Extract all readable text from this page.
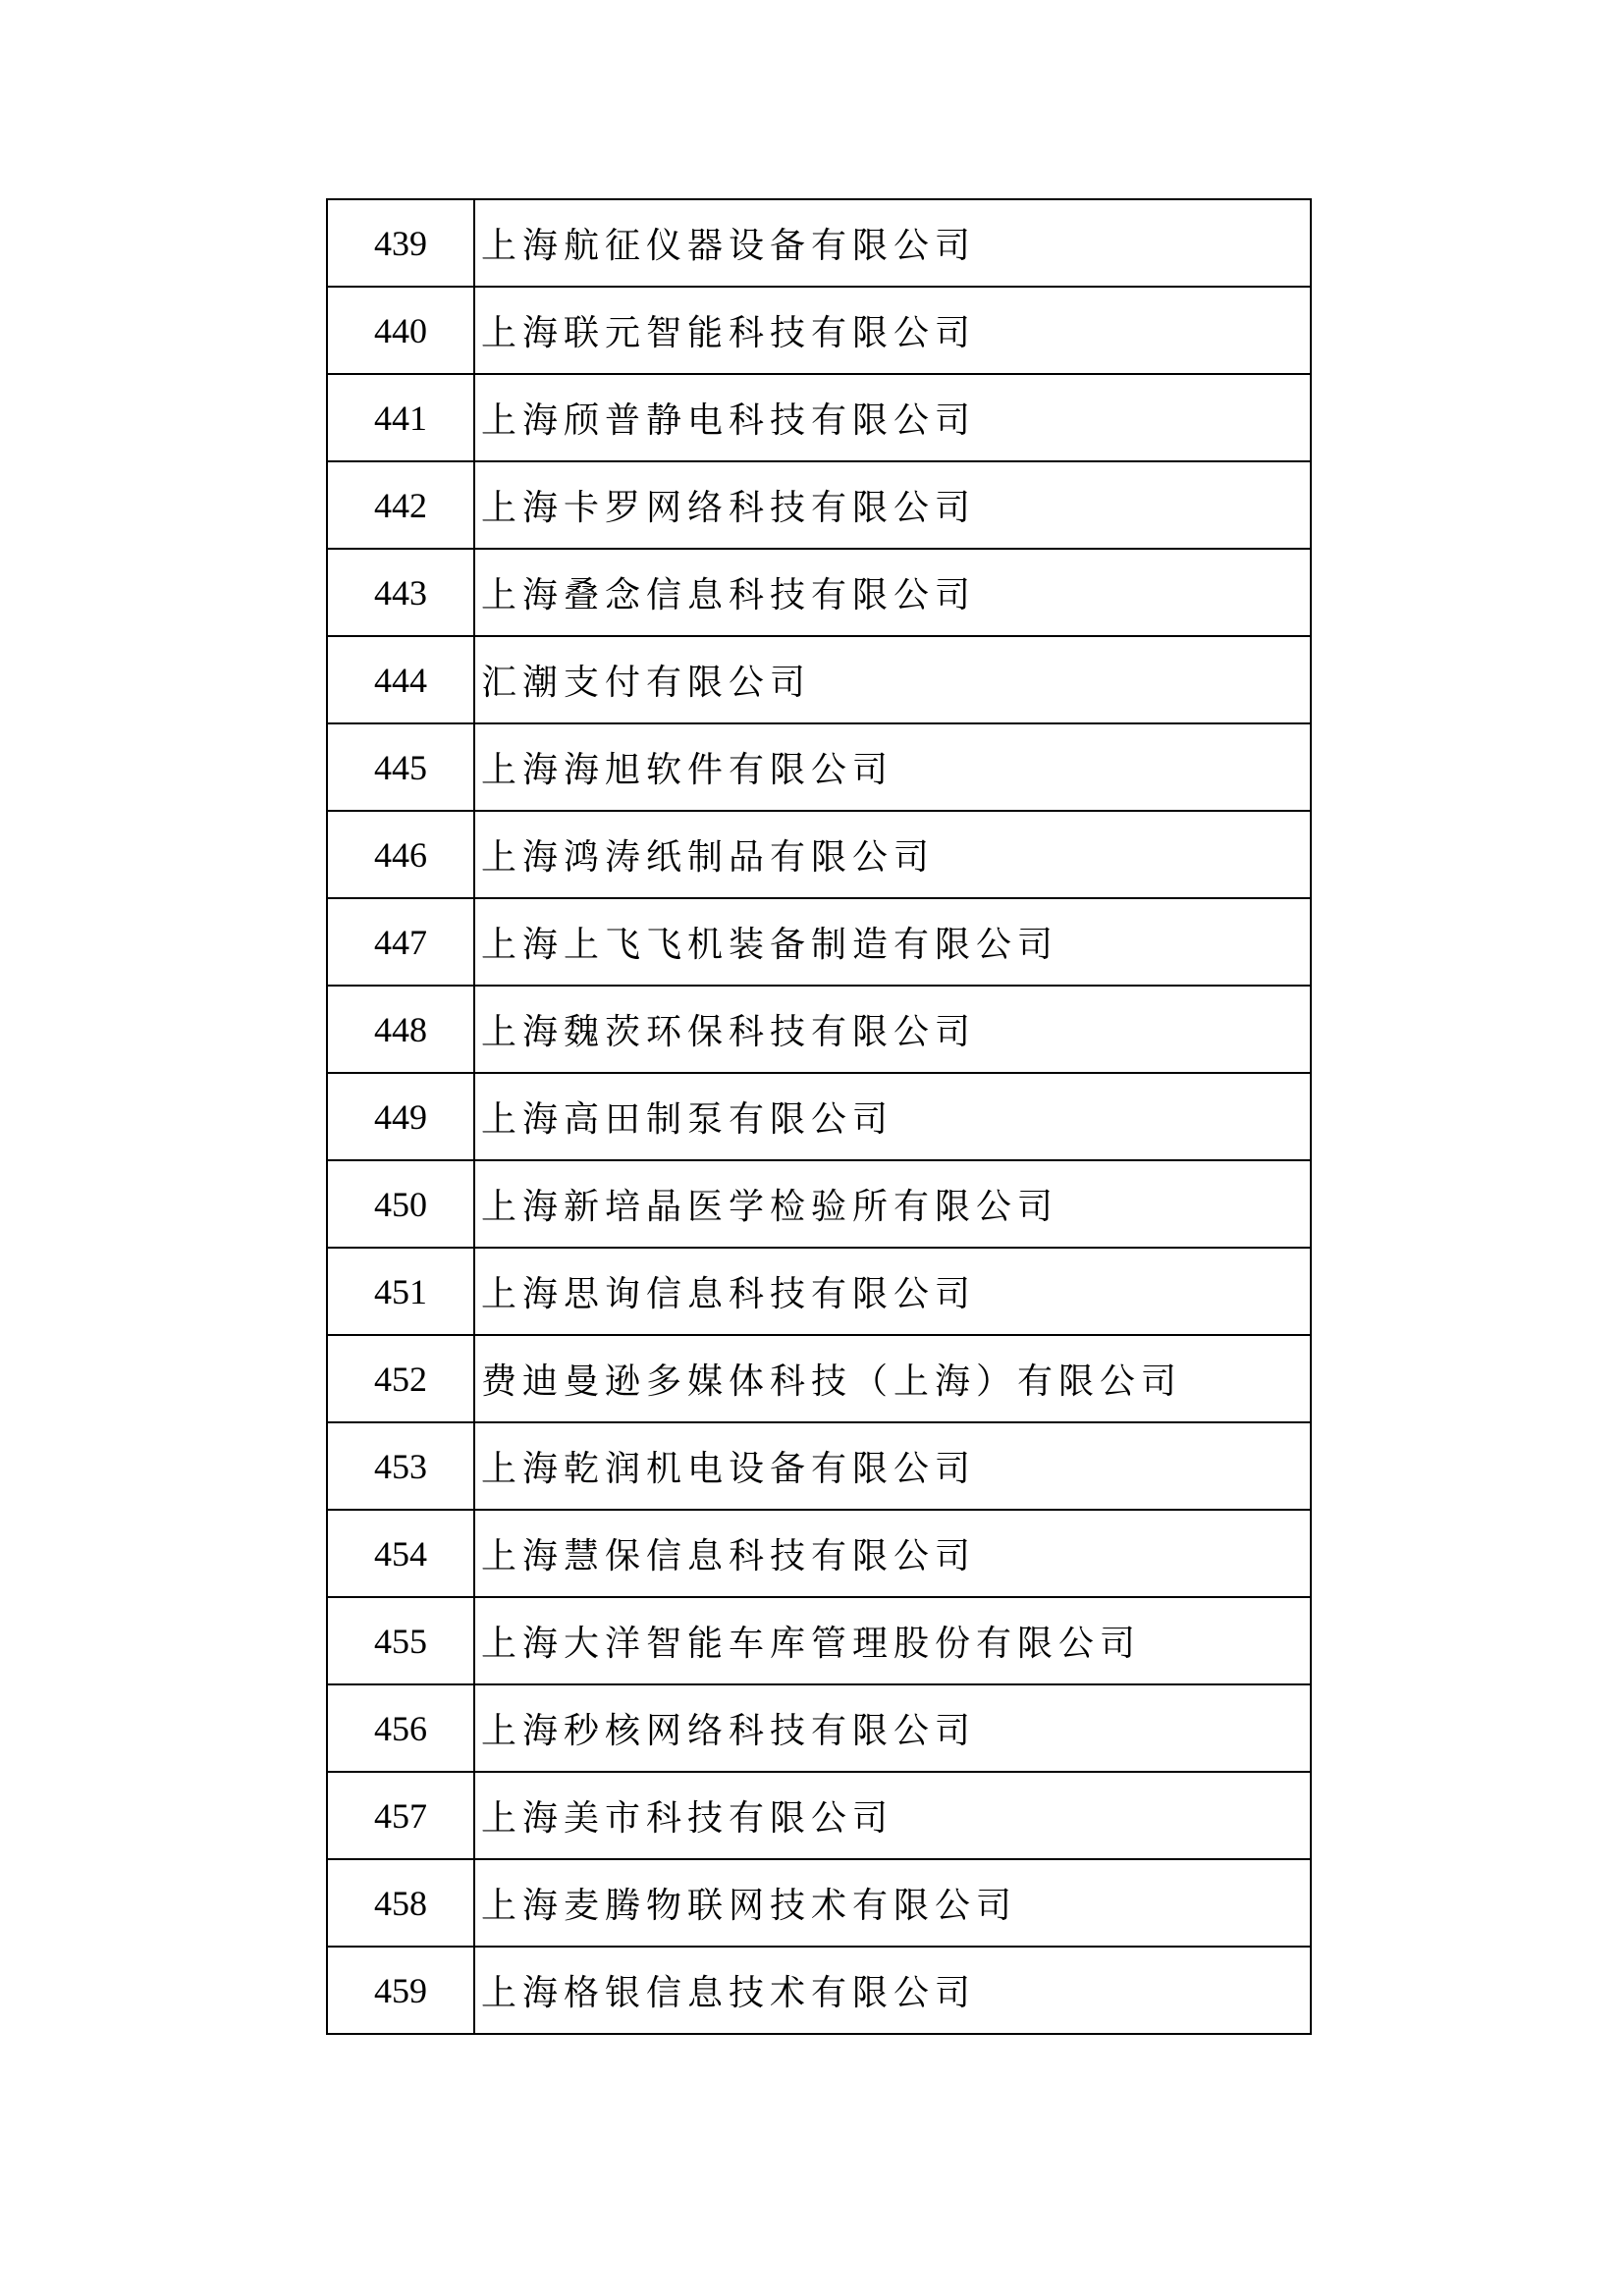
439	上海航征仪器设备有限公司
440	上海联元智能科技有限公司
441	上海颀普静电科技有限公司
442	上海卡罗网络科技有限公司
443	上海叠念信息科技有限公司
444	汇潮支付有限公司
445	上海海旭软件有限公司
446	上海鸿涛纸制品有限公司
447	上海上飞飞机装备制造有限公司
448	上海魏茨环保科技有限公司
449	上海高田制泵有限公司
450	上海新培晶医学检验所有限公司
451	上海思询信息科技有限公司
452	费迪曼逊多媒体科技（上海）有限公司
453	上海乾润机电设备有限公司
454	上海慧保信息科技有限公司
455	上海大洋智能车库管理股份有限公司
456	上海秒核网络科技有限公司
457	上海美市科技有限公司
458	上海麦腾物联网技术有限公司
459	上海格银信息技术有限公司
